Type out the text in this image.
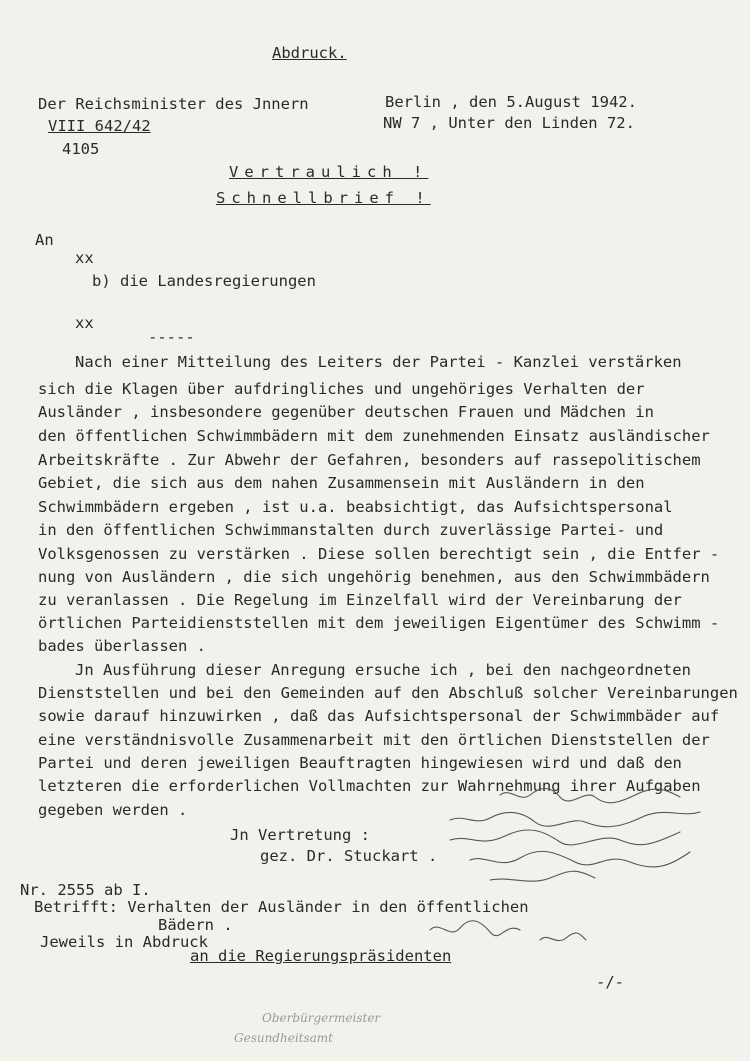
Abdruck.
Der Reichsminister des Jnnern	Berlin , den 5.August 1942.
VIII 642/42	NW 7 , Unter den Linden 72.
4105
Vertraulich !
Schnellbrief !
An
xx
b) die Landesregierungen
xx
-----
Nach einer Mitteilung des Leiters der Partei - Kanzlei verstärken
sich die Klagen über aufdringliches und ungehöriges Verhalten der
Ausländer , insbesondere gegenüber deutschen Frauen und Mädchen in
den öffentlichen Schwimmbädern mit dem zunehmenden Einsatz ausländischer
Arbeitskräfte . Zur Abwehr der Gefahren, besonders auf rassepolitischem
Gebiet, die sich aus dem nahen Zusammensein mit Ausländern in den
Schwimmbädern ergeben , ist u.a. beabsichtigt, das Aufsichtspersonal
in den öffentlichen Schwimmanstalten durch zuverlässige Partei- und
Volksgenossen zu verstärken . Diese sollen berechtigt sein , die Entfer -
nung von Ausländern , die sich ungehörig benehmen, aus den Schwimmbädern
zu veranlassen . Die Regelung im Einzelfall wird der Vereinbarung der
örtlichen Parteidienststellen mit dem jeweiligen Eigentümer des Schwimm -
bades überlassen .
Jn Ausführung dieser Anregung ersuche ich , bei den nachgeordneten
Dienststellen und bei den Gemeinden auf den Abschluß solcher Vereinbarungen
sowie darauf hinzuwirken , daß das Aufsichtspersonal der Schwimmbäder auf
eine verständnisvolle Zusammenarbeit mit den örtlichen Dienststellen der
Partei und deren jeweiligen Beauftragten hingewiesen wird und daß den
letzteren die erforderlichen Vollmachten zur Wahrnehmung ihrer Aufgaben
gegeben werden .
Jn Vertretung :
gez. Dr. Stuckart .
Nr. 2555 ab I.
Betrifft: Verhalten der Ausländer in den öffentlichen
Bädern .
Jeweils in Abdruck
an die Regierungspräsidenten
-/-
Oberbürgermeister
Gesundheitsamt
